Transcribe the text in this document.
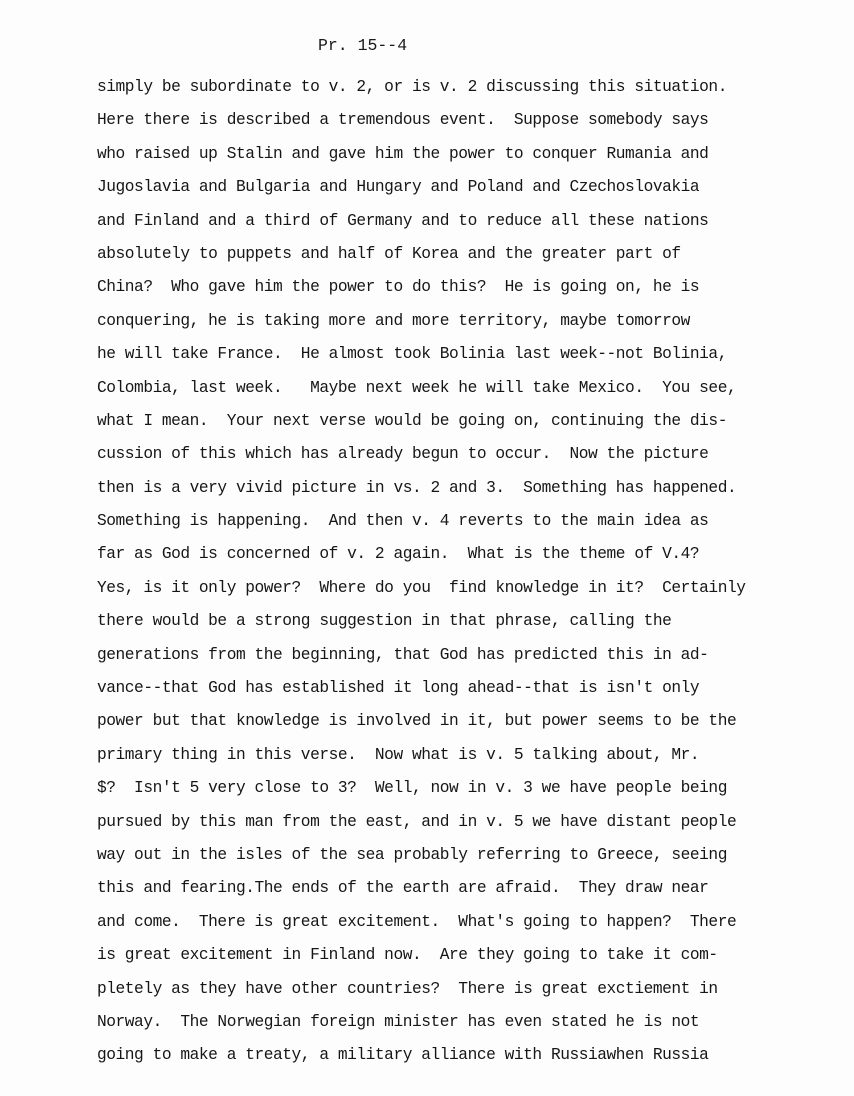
Pr. 15--4
simply be subordinate to v. 2, or is v. 2 discussing this situation.
Here there is described a tremendous event.  Suppose somebody says
who raised up Stalin and gave him the power to conquer Rumania and
Jugoslavia and Bulgaria and Hungary and Poland and Czechoslovakia
and Finland and a third of Germany and to reduce all these nations
absolutely to puppets and half of Korea and the greater part of
China?  Who gave him the power to do this?  He is going on, he is
conquering, he is taking more and more territory, maybe tomorrow
he will take France.  He almost took Bolinia last week--not Bolinia,
Colombia, last week.   Maybe next week he will take Mexico.  You see,
what I mean.  Your next verse would be going on, continuing the dis-
cussion of this which has already begun to occur.  Now the picture
then is a very vivid picture in vs. 2 and 3.  Something has happened.
Something is happening.  And then v. 4 reverts to the main idea as
far as God is concerned of v. 2 again.  What is the theme of V.4?
Yes, is it only power?  Where do you  find knowledge in it?  Certainly
there would be a strong suggestion in that phrase, calling the
generations from the beginning, that God has predicted this in ad-
vance--that God has established it long ahead--that is isn't only
power but that knowledge is involved in it, but power seems to be the
primary thing in this verse.  Now what is v. 5 talking about, Mr.
$?  Isn't 5 very close to 3?  Well, now in v. 3 we have people being
pursued by this man from the east, and in v. 5 we have distant people
way out in the isles of the sea probably referring to Greece, seeing
this and fearing.The ends of the earth are afraid.  They draw near
and come.  There is great excitement.  What's going to happen?  There
is great excitement in Finland now.  Are they going to take it com-
pletely as they have other countries?  There is great exctiement in
Norway.  The Norwegian foreign minister has even stated he is not
going to make a treaty, a military alliance with Russiawhen Russia
